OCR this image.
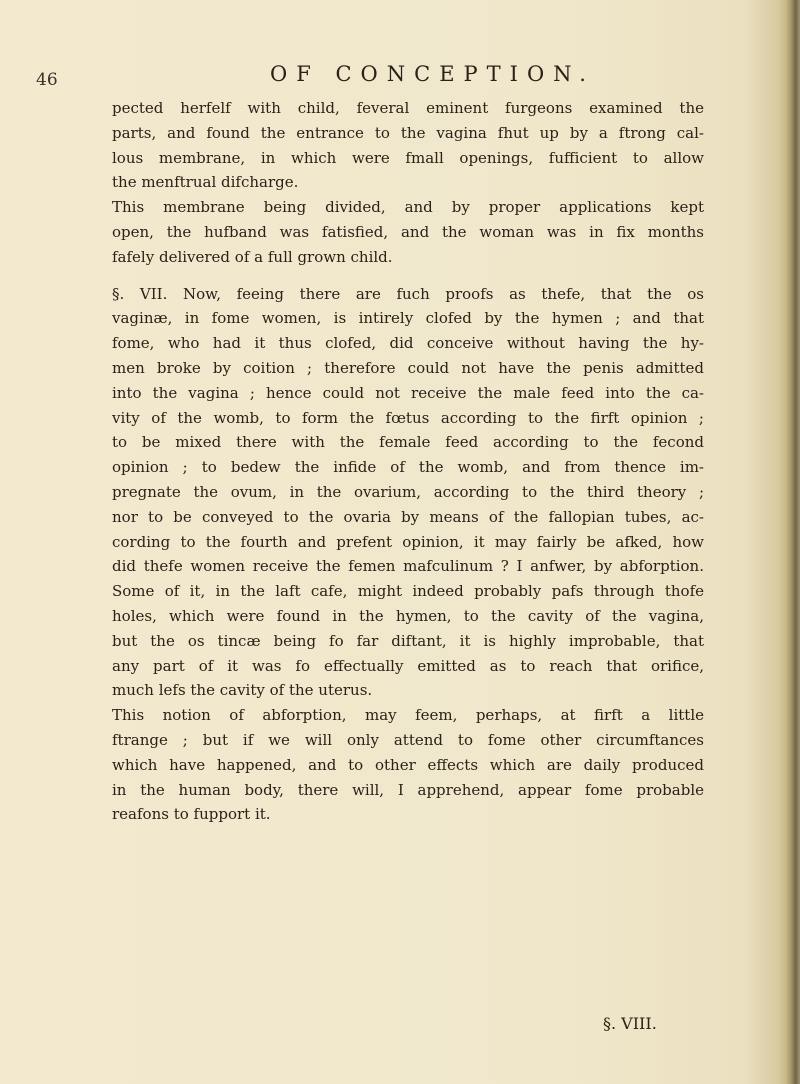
46	OF CONCEPTION.

pected herfelf with child, feveral eminent furgeons examined the
parts, and found the entrance to the vagina fhut up by a ftrong cal-
lous membrane, in which were fmall openings, fufficient to allow
the menftrual difcharge.

This membrane being divided, and by proper applications kept
open, the hufband was fatisfied, and the woman was in fix months
fafely delivered of a full grown child.

§. VII. Now, feeing there are fuch proofs as thefe, that the os
vaginæ, in fome women, is intirely clofed by the hymen ; and that
fome, who had it thus clofed, did conceive without having the hy-
men broke by coition ; therefore could not have the penis admitted
into the vagina ; hence could not receive the male feed into the ca-
vity of the womb, to form the fœtus according to the firft opinion ;
to be mixed there with the female feed according to the fecond
opinion ; to bedew the infide of the womb, and from thence im-
pregnate the ovum, in the ovarium, according to the third theory ;
nor to be conveyed to the ovaria by means of the fallopian tubes, ac-
cording to the fourth and prefent opinion, it may fairly be afked, how
did thefe women receive the femen mafculinum ? I anfwer, by abforption.
Some of it, in the laft cafe, might indeed probably pafs through thofe
holes, which were found in the hymen, to the cavity of the vagina,
but the os tincæ being fo far diftant, it is highly improbable, that
any part of it was fo effectually emitted as to reach that orifice,
much lefs the cavity of the uterus.

This notion of abforption, may feem, perhaps, at firft a little
ftrange ; but if we will only attend to fome other circumftances
which have happened, and to other effects which are daily produced
in the human body, there will, I apprehend, appear fome probable
reafons to fupport it.

§. VIII.
